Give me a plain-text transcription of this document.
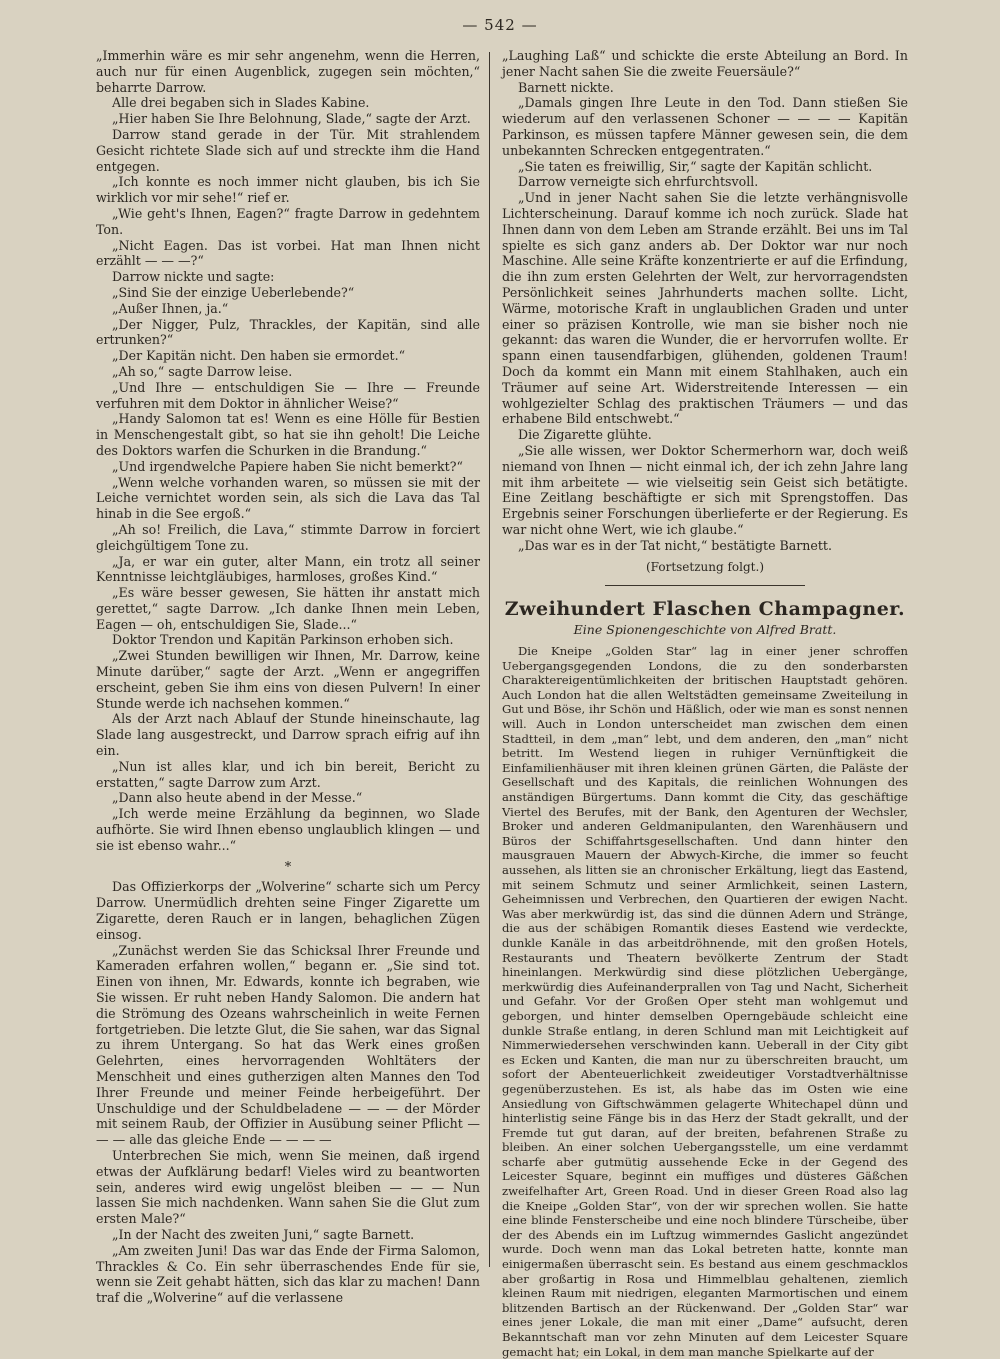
— 542 —

„Immerhin wäre es mir sehr angenehm, wenn die Herren, auch nur für einen Augenblick, zugegen sein möchten,“ beharrte Darrow.

Alle drei begaben sich in Slades Kabine.

„Hier haben Sie Ihre Belohnung, Slade,“ sagte der Arzt.

Darrow stand gerade in der Tür. Mit strahlendem Gesicht richtete Slade sich auf und streckte ihm die Hand entgegen.

„Ich konnte es noch immer nicht glauben, bis ich Sie wirklich vor mir sehe!“ rief er.

„Wie geht's Ihnen, Eagen?“ fragte Darrow in gedehntem Ton.

„Nicht Eagen. Das ist vorbei. Hat man Ihnen nicht erzählt — — —?“

Darrow nickte und sagte:

„Sind Sie der einzige Ueberlebende?“

„Außer Ihnen, ja.“

„Der Nigger, Pulz, Thrackles, der Kapitän, sind alle ertrunken?“

„Der Kapitän nicht. Den haben sie ermordet.“

„Ah so,“ sagte Darrow leise.

„Und Ihre — entschuldigen Sie — Ihre — Freunde verfuhren mit dem Doktor in ähnlicher Weise?“

„Handy Salomon tat es! Wenn es eine Hölle für Bestien in Menschengestalt gibt, so hat sie ihn geholt! Die Leiche des Doktors warfen die Schurken in die Brandung.“

„Und irgendwelche Papiere haben Sie nicht bemerkt?“

„Wenn welche vorhanden waren, so müssen sie mit der Leiche vernichtet worden sein, als sich die Lava das Tal hinab in die See ergoß.“

„Ah so! Freilich, die Lava,“ stimmte Darrow in forciert gleichgültigem Tone zu.

„Ja, er war ein guter, alter Mann, ein trotz all seiner Kenntnisse leichtgläubiges, harmloses, großes Kind.“

„Es wäre besser gewesen, Sie hätten ihr anstatt mich gerettet,“ sagte Darrow. „Ich danke Ihnen mein Leben, Eagen — oh, entschuldigen Sie, Slade...“

Doktor Trendon und Kapitän Parkinson erhoben sich.

„Zwei Stunden bewilligen wir Ihnen, Mr. Darrow, keine Minute darüber,“ sagte der Arzt. „Wenn er angegriffen erscheint, geben Sie ihm eins von diesen Pulvern! In einer Stunde werde ich nachsehen kommen.“

Als der Arzt nach Ablauf der Stunde hineinschaute, lag Slade lang ausgestreckt, und Darrow sprach eifrig auf ihn ein.

„Nun ist alles klar, und ich bin bereit, Bericht zu erstatten,“ sagte Darrow zum Arzt.

„Dann also heute abend in der Messe.“

„Ich werde meine Erzählung da beginnen, wo Slade aufhörte. Sie wird Ihnen ebenso unglaublich klingen — und sie ist ebenso wahr...“

*

Das Offizierkorps der „Wolverine“ scharte sich um Percy Darrow. Unermüdlich drehten seine Finger Zigarette um Zigarette, deren Rauch er in langen, behaglichen Zügen einsog.

„Zunächst werden Sie das Schicksal Ihrer Freunde und Kameraden erfahren wollen,“ begann er. „Sie sind tot. Einen von ihnen, Mr. Edwards, konnte ich begraben, wie Sie wissen. Er ruht neben Handy Salomon. Die andern hat die Strömung des Ozeans wahrscheinlich in weite Fernen fortgetrieben. Die letzte Glut, die Sie sahen, war das Signal zu ihrem Untergang. So hat das Werk eines großen Gelehrten, eines hervorragenden Wohltäters der Menschheit und eines gutherzigen alten Mannes den Tod Ihrer Freunde und meiner Feinde herbeigeführt. Der Unschuldige und der Schuldbeladene — — — der Mörder mit seinem Raub, der Offizier in Ausübung seiner Pflicht — — — alle das gleiche Ende — — — —

Unterbrechen Sie mich, wenn Sie meinen, daß irgend etwas der Aufklärung bedarf! Vieles wird zu beantworten sein, anderes wird ewig ungelöst bleiben — — — Nun lassen Sie mich nachdenken. Wann sahen Sie die Glut zum ersten Male?“

„In der Nacht des zweiten Juni,“ sagte Barnett.

„Am zweiten Juni! Das war das Ende der Firma Salomon, Thrackles & Co. Ein sehr überraschendes Ende für sie, wenn sie Zeit gehabt hätten, sich das klar zu machen! Dann traf die „Wolverine“ auf die verlassene

„Laughing Laß“ und schickte die erste Abteilung an Bord. In jener Nacht sahen Sie die zweite Feuersäule?“

Barnett nickte.

„Damals gingen Ihre Leute in den Tod. Dann stießen Sie wiederum auf den verlassenen Schoner — — — — Kapitän Parkinson, es müssen tapfere Männer gewesen sein, die dem unbekannten Schrecken entgegentraten.“

„Sie taten es freiwillig, Sir,“ sagte der Kapitän schlicht.

Darrow verneigte sich ehrfurchtsvoll.

„Und in jener Nacht sahen Sie die letzte verhängnisvolle Lichterscheinung. Darauf komme ich noch zurück. Slade hat Ihnen dann von dem Leben am Strande erzählt. Bei uns im Tal spielte es sich ganz anders ab. Der Doktor war nur noch Maschine. Alle seine Kräfte konzentrierte er auf die Erfindung, die ihn zum ersten Gelehrten der Welt, zur hervorragendsten Persönlichkeit seines Jahrhunderts machen sollte. Licht, Wärme, motorische Kraft in unglaublichen Graden und unter einer so präzisen Kontrolle, wie man sie bisher noch nie gekannt: das waren die Wunder, die er hervorrufen wollte. Er spann einen tausendfarbigen, glühenden, goldenen Traum! Doch da kommt ein Mann mit einem Stahlhaken, auch ein Träumer auf seine Art. Widerstreitende Interessen — ein wohlgezielter Schlag des praktischen Träumers — und das erhabene Bild entschwebt.“

Die Zigarette glühte.

„Sie alle wissen, wer Doktor Schermerhorn war, doch weiß niemand von Ihnen — nicht einmal ich, der ich zehn Jahre lang mit ihm arbeitete — wie vielseitig sein Geist sich betätigte. Eine Zeitlang beschäftigte er sich mit Sprengstoffen. Das Ergebnis seiner Forschungen überlieferte er der Regierung. Es war nicht ohne Wert, wie ich glaube.“

„Das war es in der Tat nicht,“ bestätigte Barnett.

(Fortsetzung folgt.)
Zweihundert Flaschen Champagner.
Eine Spionengeschichte von Alfred Bratt.

Die Kneipe „Golden Star“ lag in einer jener schroffen Uebergangsgegenden Londons, die zu den sonderbarsten Charaktereigentümlichkeiten der britischen Hauptstadt gehören. Auch London hat die allen Weltstädten gemeinsame Zweiteilung in Gut und Böse, ihr Schön und Häßlich, oder wie man es sonst nennen will. Auch in London unterscheidet man zwischen dem einen Stadtteil, in dem „man“ lebt, und dem anderen, den „man“ nicht betritt. Im Westend liegen in ruhiger Vernünftigkeit die Einfamilienhäuser mit ihren kleinen grünen Gärten, die Paläste der Gesellschaft und des Kapitals, die reinlichen Wohnungen des anständigen Bürgertums. Dann kommt die City, das geschäftige Viertel des Berufes, mit der Bank, den Agenturen der Wechsler, Broker und anderen Geldmanipulanten, den Warenhäusern und Büros der Schiffahrtsgesellschaften. Und dann hinter den mausgrauen Mauern der Abwych-Kirche, die immer so feucht aussehen, als litten sie an chronischer Erkältung, liegt das Eastend, mit seinem Schmutz und seiner Armlichkeit, seinen Lastern, Geheimnissen und Verbrechen, den Quartieren der ewigen Nacht. Was aber merkwürdig ist, das sind die dünnen Adern und Stränge, die aus der schäbigen Romantik dieses Eastend wie verdeckte, dunkle Kanäle in das arbeitdröhnende, mit den großen Hotels, Restaurants und Theatern bevölkerte Zentrum der Stadt hineinlangen. Merkwürdig sind diese plötzlichen Uebergänge, merkwürdig dies Aufeinanderprallen von Tag und Nacht, Sicherheit und Gefahr. Vor der Großen Oper steht man wohlgemut und geborgen, und hinter demselben Operngebäude schleicht eine dunkle Straße entlang, in deren Schlund man mit Leichtigkeit auf Nimmerwiedersehen verschwinden kann. Ueberall in der City gibt es Ecken und Kanten, die man nur zu überschreiten braucht, um sofort der Abenteuerlichkeit zweideutiger Vorstadtverhältnisse gegenüberzustehen. Es ist, als habe das im Osten wie eine Ansiedlung von Giftschwämmen gelagerte Whitechapel dünn und hinterlistig seine Fänge bis in das Herz der Stadt gekrallt, und der Fremde tut gut daran, auf der breiten, befahrenen Straße zu bleiben. An einer solchen Uebergangsstelle, um eine verdammt scharfe aber gutmütig aussehende Ecke in der Gegend des Leicester Square, beginnt ein muffiges und düsteres Gäßchen zweifelhafter Art, Green Road. Und in dieser Green Road also lag die Kneipe „Golden Star“, von der wir sprechen wollen. Sie hatte eine blinde Fensterscheibe und eine noch blindere Türscheibe, über der des Abends ein im Luftzug wimmerndes Gaslicht angezündet wurde. Doch wenn man das Lokal betreten hatte, konnte man einigermaßen überrascht sein. Es bestand aus einem geschmacklos aber großartig in Rosa und Himmelblau gehaltenen, ziemlich kleinen Raum mit niedrigen, eleganten Marmortischen und einem blitzenden Bartisch an der Rückenwand. Der „Golden Star“ war eines jener Lokale, die man mit einer „Dame“ aufsucht, deren Bekanntschaft man vor zehn Minuten auf dem Leicester Square gemacht hat; ein Lokal, in dem man manche Spielkarte auf der
